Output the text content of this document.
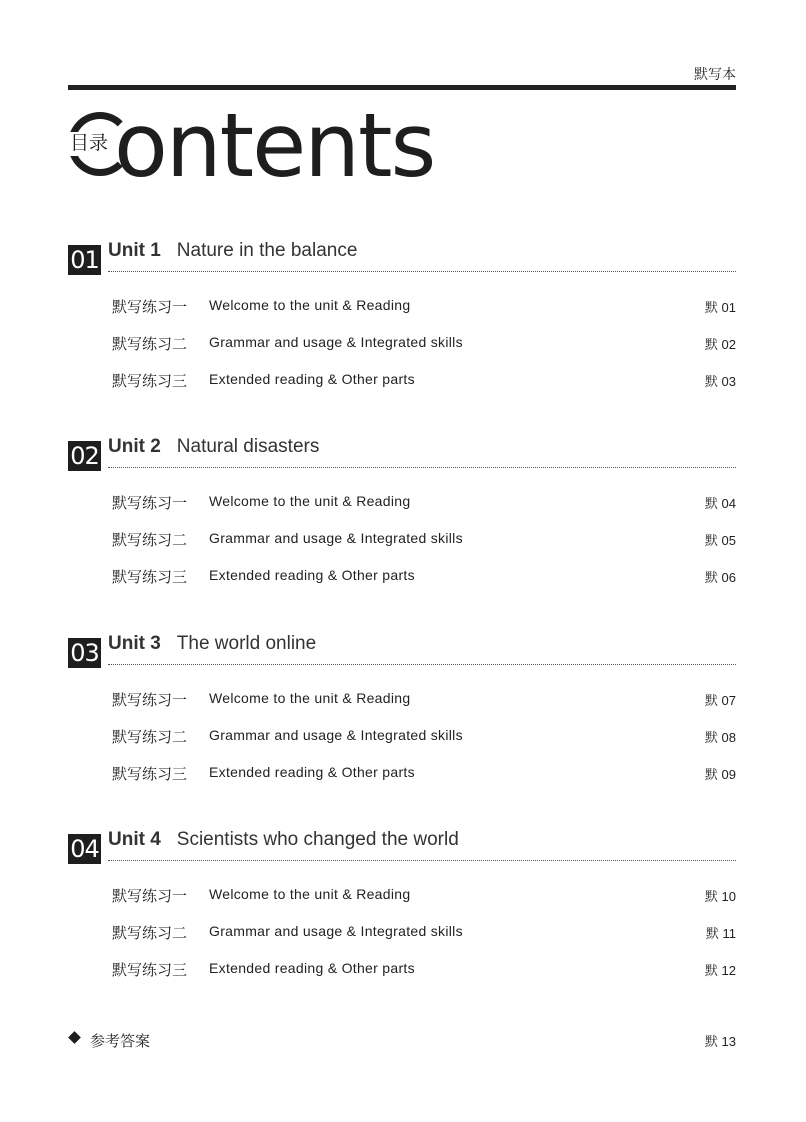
默写本
ontents
目录
01 Unit 1 Nature in the balance
默写练习一 Welcome to the unit & Reading	默 01
默写练习二 Grammar and usage & Integrated skills	默 02
默写练习三 Extended reading & Other parts	默 03
02 Unit 2 Natural disasters
默写练习一 Welcome to the unit & Reading	默 04
默写练习二 Grammar and usage & Integrated skills	默 05
默写练习三 Extended reading & Other parts	默 06
03 Unit 3 The world online
默写练习一 Welcome to the unit & Reading	默 07
默写练习二 Grammar and usage & Integrated skills	默 08
默写练习三 Extended reading & Other parts	默 09
04 Unit 4 Scientists who changed the world
默写练习一 Welcome to the unit & Reading	默 10
默写练习二 Grammar and usage & Integrated skills	默 11
默写练习三 Extended reading & Other parts	默 12
参考答案	默 13
